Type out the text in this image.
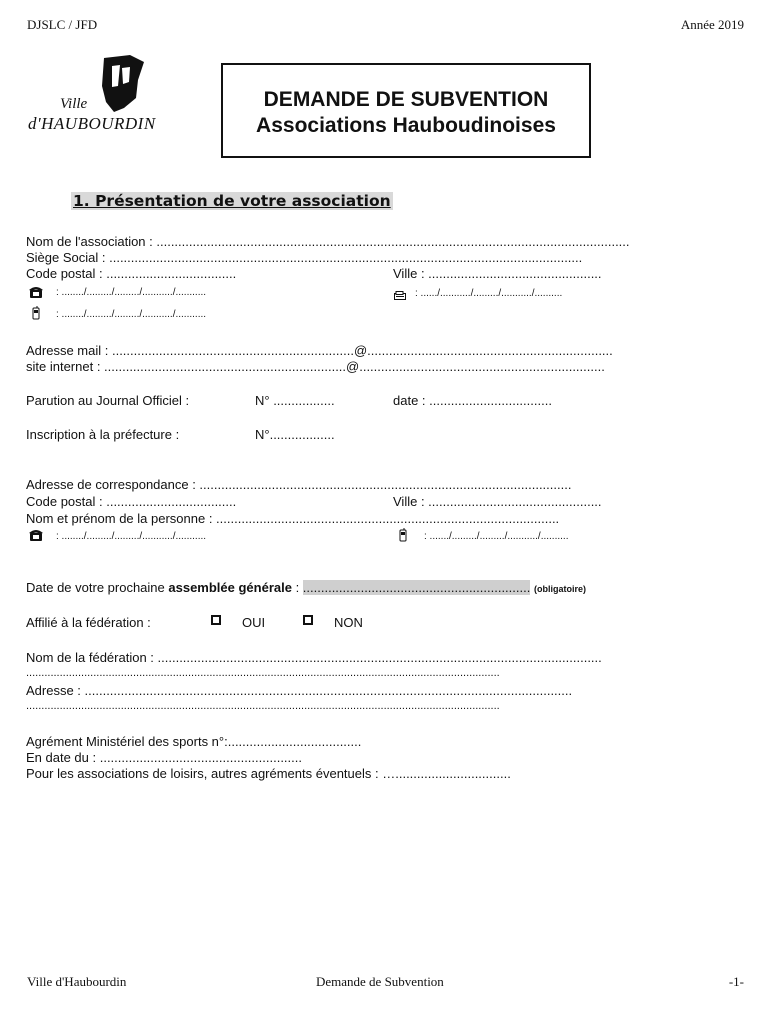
DJSLC / JFD	Année 2019
Ville
d'HAUBOURDIN
DEMANDE DE SUBVENTION
Associations Hauboudinoises
1. Présentation de votre association
Nom de l'association : ...................................................................................................................................
Siège Social : ...................................................................................................................................
Code postal : ....................................	Ville : ................................................
: ......../........./........./.........../...........	: ....../.........../........./.........../..........
: ......../........./........./.........../...........
Adresse mail : ...................................................................@....................................................................
site internet : ...................................................................@....................................................................
Parution au Journal Officiel :	N° .................	date : ..................................
Inscription à la préfecture :	N°..................
Adresse de correspondance : .......................................................................................................
Code postal : ....................................	Ville : ................................................
Nom et prénom de la personne : ...............................................................................................
: ......../........./........./.........../...........	: ......./........./........./.........../..........
Date de votre prochaine assemblée générale : ............................................................... (obligatoire)
Affilié à la fédération :	OUI	NON
Nom de la fédération : ...........................................................................................................................
...........................................................................................................................................................
Adresse : .......................................................................................................................................
...........................................................................................................................................................
Agrément Ministériel des sports n°:.....................................
En date du : ........................................................
Pour les associations de loisirs, autres agréments éventuels : …................................
Ville d'Haubourdin	Demande de Subvention	-1-
